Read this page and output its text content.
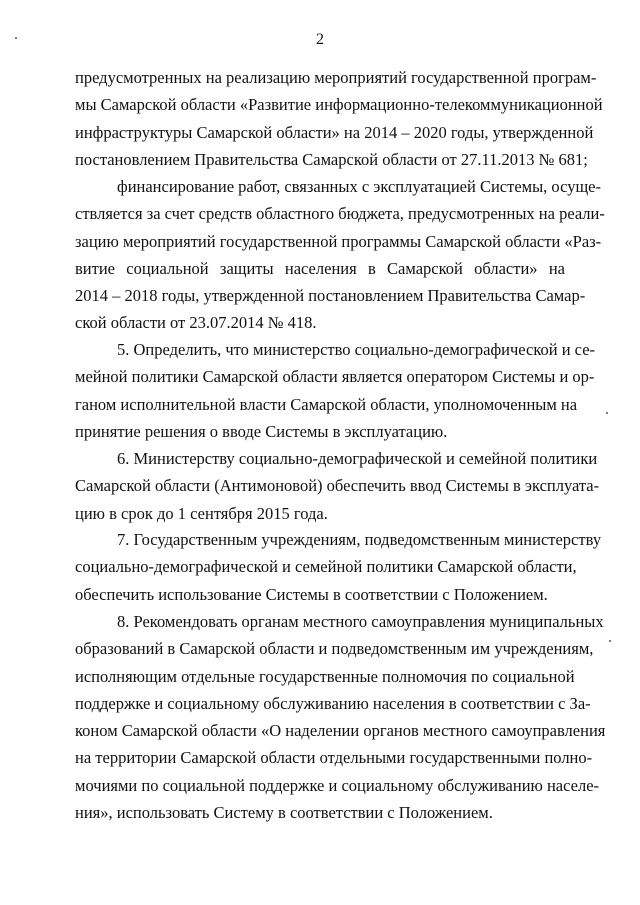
2

предусмотренных на реализацию мероприятий государственной програм-
мы Самарской области «Развитие информационно-телекоммуникационной
инфраструктуры Самарской области» на 2014 – 2020 годы, утвержденной
постановлением Правительства Самарской области от 27.11.2013 № 681;

финансирование работ, связанных с эксплуатацией Системы, осуще-
ствляется за счет средств областного бюджета, предусмотренных на реали-
зацию мероприятий государственной программы Самарской области «Раз-
витие социальной защиты населения в Самарской области» на
2014 – 2018 годы, утвержденной постановлением Правительства Самар-
ской области от 23.07.2014 № 418.

5. Определить, что министерство социально-демографической и се-
мейной политики Самарской области является оператором Системы и ор-
ганом исполнительной власти Самарской области, уполномоченным на
принятие решения о вводе Системы в эксплуатацию.

6. Министерству социально-демографической и семейной политики
Самарской области (Антимоновой) обеспечить ввод Системы в эксплуата-
цию в срок до 1 сентября 2015 года.

7. Государственным учреждениям, подведомственным министерству
социально-демографической и семейной политики Самарской области,
обеспечить использование Системы в соответствии с Положением.

8. Рекомендовать органам местного самоуправления муниципальных
образований в Самарской области и подведомственным им учреждениям,
исполняющим отдельные государственные полномочия по социальной
поддержке и социальному обслуживанию населения в соответствии с За-
коном Самарской области «О наделении органов местного самоуправления
на территории Самарской области отдельными государственными полно-
мочиями по социальной поддержке и социальному обслуживанию населе-
ния», использовать Систему в соответствии с Положением.
